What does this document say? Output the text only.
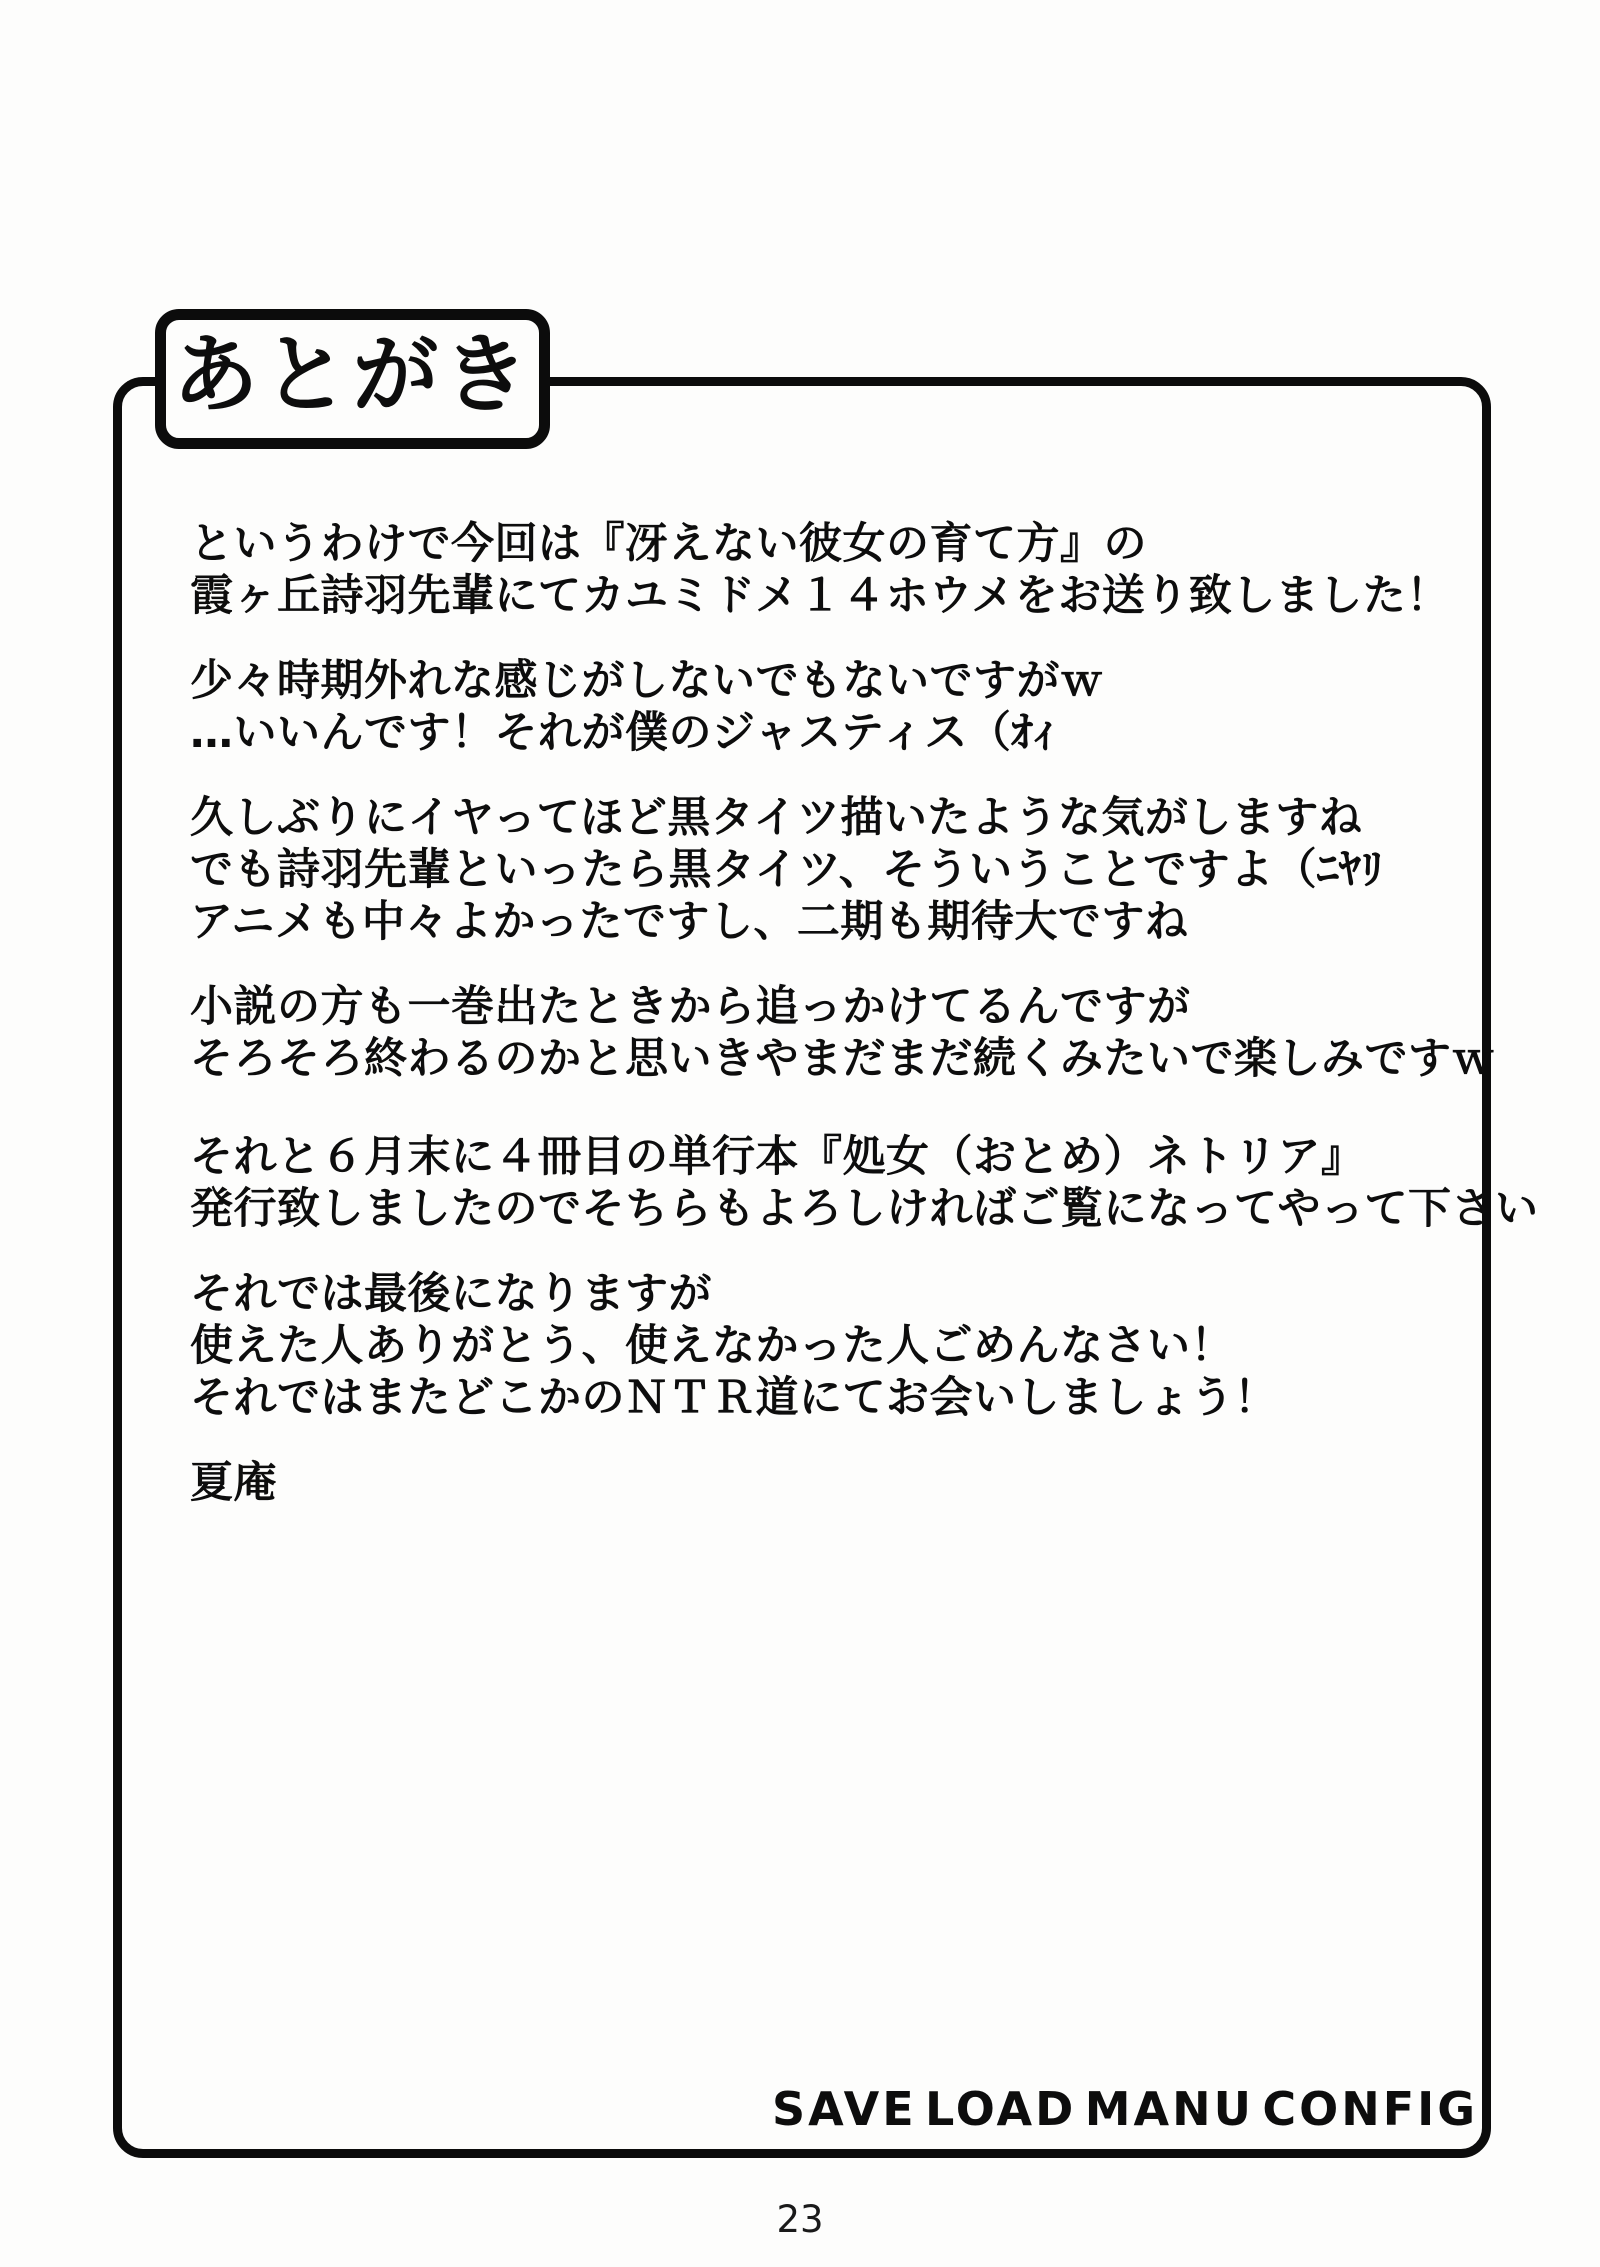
あとがき
というわけで今回は『冴えない彼女の育て方』の
霞ヶ丘詩羽先輩にてカユミドメ１４ホウメをお送り致しました！
少々時期外れな感じがしないでもないですがｗ
…いいんです！それが僕のジャスティス（ｵｨ
久しぶりにイヤってほど黒タイツ描いたような気がしますね
でも詩羽先輩といったら黒タイツ、そういうことですよ（ﾆﾔﾘ
アニメも中々よかったですし、二期も期待大ですね
小説の方も一巻出たときから追っかけてるんですが
そろそろ終わるのかと思いきやまだまだ続くみたいで楽しみですｗ
それと６月末に４冊目の単行本『処女（おとめ）ネトリア』
発行致しましたのでそちらもよろしければご覧になってやって下さい
それでは最後になりますが
使えた人ありがとう、使えなかった人ごめんなさい！
それではまたどこかのＮＴＲ道にてお会いしましょう！
夏庵
SAVE LOAD MANU CONFIG
23
